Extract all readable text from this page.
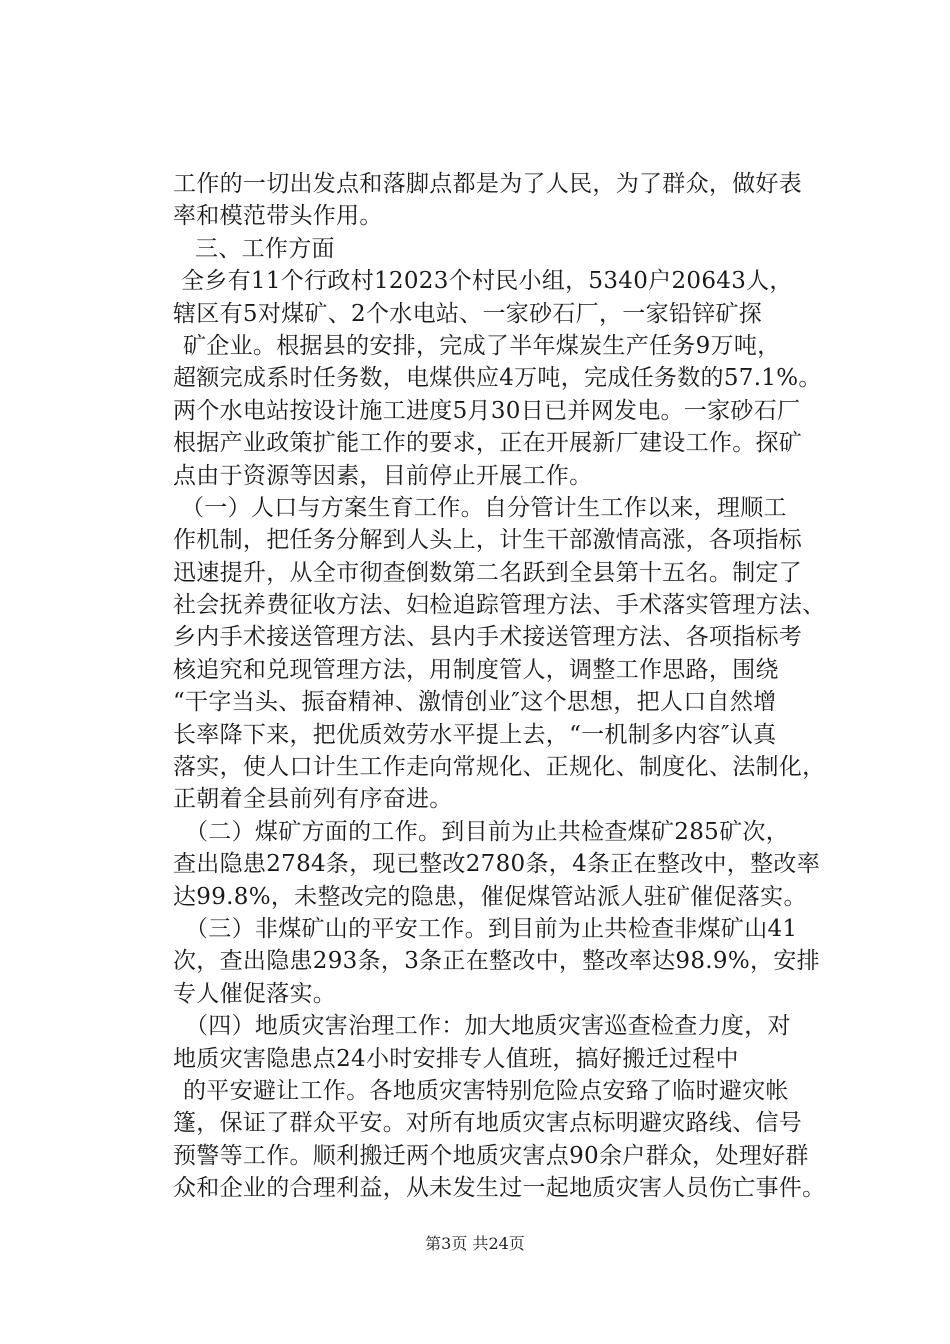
工作的一切出发点和落脚点都是为了人民，为了群众，做好表
率和模范带头作用。
三、工作方面
全乡有11个行政村12023个村民小组，5340户20643人，
辖区有5对煤矿、2个水电站、一家砂石厂，一家铅锌矿探
矿企业。根据县的安排，完成了半年煤炭生产任务9万吨，
超额完成系时任务数，电煤供应4万吨，完成任务数的57.1%。
两个水电站按设计施工进度5月30日已并网发电。一家砂石厂
根据产业政策扩能工作的要求，正在开展新厂建设工作。探矿
点由于资源等因素，目前停止开展工作。
（一）人口与方案生育工作。自分管计生工作以来，理顺工
作机制，把任务分解到人头上，计生干部激情高涨，各项指标
迅速提升，从全市彻查倒数第二名跃到全县第十五名。制定了
社会抚养费征收方法、妇检追踪管理方法、手术落实管理方法、
乡内手术接送管理方法、县内手术接送管理方法、各项指标考
核追究和兑现管理方法，用制度管人，调整工作思路，围绕
“干字当头、振奋精神、激情创业″这个思想，把人口自然增
长率降下来，把优质效劳水平提上去，“一机制多内容″认真
落实，使人口计生工作走向常规化、正规化、制度化、法制化，
正朝着全县前列有序奋进。
（二）煤矿方面的工作。到目前为止共检查煤矿285矿次，
查出隐患2784条，现已整改2780条，4条正在整改中，整改率
达99.8%，未整改完的隐患，催促煤管站派人驻矿催促落实。
（三）非煤矿山的平安工作。到目前为止共检查非煤矿山41
次，查出隐患293条，3条正在整改中，整改率达98.9%，安排
专人催促落实。
（四）地质灾害治理工作：加大地质灾害巡查检查力度，对
地质灾害隐患点24小时安排专人值班，搞好搬迁过程中
的平安避让工作。各地质灾害特别危险点安臵了临时避灾帐
篷，保证了群众平安。对所有地质灾害点标明避灾路线、信号
预警等工作。顺利搬迁两个地质灾害点90余户群众，处理好群
众和企业的合理利益，从未发生过一起地质灾害人员伤亡事件。
第3页 共24页
